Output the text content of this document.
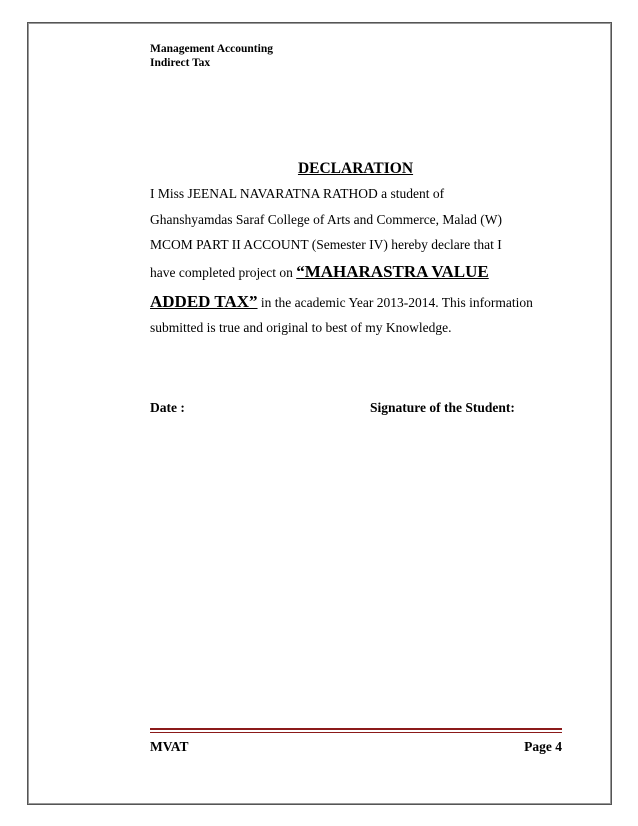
Management Accounting
Indirect Tax
DECLARATION
I Miss JEENAL NAVARATNA RATHOD a student of
Ghanshyamdas Saraf College of Arts and Commerce, Malad (W)
MCOM PART II ACCOUNT (Semester IV) hereby declare that I
have completed project on “MAHARASTRA VALUE
ADDED TAX” in the academic Year 2013-2014. This information
submitted is true and original to best of my Knowledge.
Date :	Signature of the Student:
MVAT	Page 4
